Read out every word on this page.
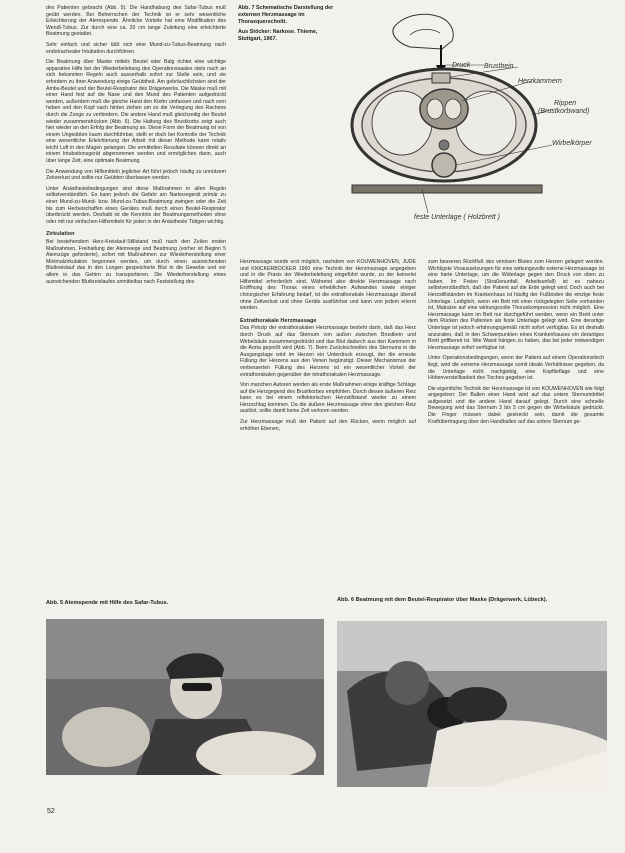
des Patienten gebracht (Abb. 5). Die Handhabung des Safar-Tubus muß geübt werden. Bei Beherrschen der Technik ist er sehr wesentliche Erleichterung der Atemspende. Ähnliche Vorteile hat eine Modifikation des Wendl-Tubus. Zur durch eine ca. 20 cm lange Zuleitung eine erleichterte Beatmung gestattet.

Sehr einfach und sicher läßt sich eine Mund-zu-Tubus-Beatmung nach endotrachealer Intubation durchführen.

Die Beatmung über Maske mittels Beutel oder Balg richtet eine wichtige apparative Hilfe bei der Wiederbelebung des Operationssaales stets nach an sich bekannten Regeln auch ausserhalb sofort zur Stelle sein, und sie erfordern zu ihrer Anwendung einige Geübtheit. Am gebräuchlichsten sind der Ambu-Beutel und der Beutel-Respirator des Drägerwerks. Die Maske muß mit einer Hand fest auf die Nase und den Mund des Patienten aufgedrückt werden, außerdem muß die gleiche Hand den Kiefer umfassen und nach vorn heben und den Kopf nach hinten ziehen um so die Verlegung des Rachens durch die Zunge zu verhindern. Die andere Hand muß gleichzeitig der Beutel wieder zusammendrücken (Abb. 6). Die Haltung des Brustkorbs zeigt auch hier wieder an den Erfolg der Beatmung an. Diese Form der Beatmung ist von einem Ungeübten kaum durchführbar, stellt er doch bei Kontrolle der Technik eine wesentliche Erleichterung der Arbeit mit dieser Methode kann relativ leicht Luft in den Magen gelangen. Die ermittelten Resultate können direkt an einem Intubationsgerät abgenommen werden und ermöglichen dann, auch über lange Zeit, eine optimale Beatmung.

Die Anwendung von Hilfsmitteln jeglicher Art führt jedoch häufig zu unnützem Zeitverlust und sollte nur Geübten überlassen werden.

Unter Anästhesiebedingungen sind diese Maßnahmen in allen Regeln selbstverständlich. Es kann jedoch die Gefahr am Narkosegerät primär zu einer Mund-zu-Mund- bzw. Mund-zu-Tubus-Beatmung zwingen oder die Zeit bis zum Herbeischaffen eines Gerätes muß durch einen Beutel-Respirator überbrückt werden. Deshalb ist die Kenntnis der Beatmungsmethoden ohne oder mit nur einfachen Hilfsmitteln für jeden in der Anästhesie Tätigen wichtig.

Zirkulation

Bei bestehendem Herz-Kreislauf-Stillstand muß nach den Zeilen ersten Maßnahmen, Freihaltung der Atemwege und Beatmung (vorher ist Beginn 5 Atemzüge geforderte), sofort mit Maßnahmen zur Wiederherstellung einer Minimalzirkulation begonnen werden, um durch einen ausreichenden Blutkreislauf das in den Lungen gespeicherte Blut in die Gewebe und vor allem in das Gehirn zu transportieren. Die Wiederherstellung eines ausreichenden Blutkreislaufes unmittelbar nach Feststellung des

Abb. 7 Schematische Darstellung der externen Herzmassage im Thoraxquerschnitt.
Aus Stöcker: Narkose. Thieme, Stuttgart, 1967.
Druck Brustbein
Herzkammern
Rippen (Brustkorbwand)
Wirbelkörper
feste Unterlage ( Holzbrett )

Herzmassage wurde erst möglich, nachdem von KOUWENHOVEN, JUDE und KNICKERBOCKER 1960 eine Technik der Herzmassage angegeben und in die Praxis der Wiederbelebung eingeführt wurde, zu der keinerlei Hilfsmittel erforderlich sind. Während also direkte Herzmassage nach Eröffnung des Thorax eines erheblichen Aufwandes sowie einiger chirurgischer Erfahrung bedarf, ist die extrathorakale Herzmassage überall ohne Zeitverlust und ohne Geräte ausführbar und kann von jedem erlernt werden.

Extrathorakale Herzmassage

Das Prinzip der extrathorakalen Herzmassage besteht darin, daß das Herz durch Druck auf das Sternum von außen zwischen Brustbein und Wirbelsäule zusammengedrückt und das Blut dadurch aus den Kammern in die Aorta gepreßt wird (Abb. 7). Beim Zurückschnellen des Sternums in die Ausgangslage wird im Herzen ein Unterdruck erzeugt, der die erneute Füllung der Herzens aus den Venen begünstigt. Dieser Mechanismus der verbesserten Füllung des Herzens ist ein wesentlicher Vorteil der extrathorakalen gegenüber der intrathorakalen Herzmassage.

Von manchen Autoren werden als erste Maßnahmen einige kräftige Schläge auf die Herzgegend des Brustkorbes empfohlen. Durch diesen äußeren Reiz kann es bei einem reflektorischen Herzstillstand wieder zu einem Herzschlag kommen. Da die äußere Herzmassage ohne den gleichen Reiz auslöst, sollte damit keine Zeit verloren werden.

Zur Herzmassage muß der Patient auf den Rücken, wenn möglich auf erhöhter Ebenen,

zum besseren Rückfluß des venösen Blutes zum Herzen gelagert werden. Wichtigste Voraussetzungen für eine wirkungsvolle externe Herzmassage ist eine harte Unterlage, um die Widerlage gegen den Druck von oben zu haben. Im Freien (Straßenunfall, Arbeitsunfall) ist es nahezu selbstverständlich, daß der Patient auf die Erde gelegt wird. Doch auch bei Herzstillständen im Krankenhaus ist häufig der Fußboden die einzige feste Unterlage. Lediglich, wenn ein Bett mit einer rückgelegten Seite vorhanden ist, Matratze auf eine wirkungsvolle Thoraxkompression nicht möglich. Eine Herzmassage kann im Bett nur durchgeführt werden, wenn ein Brett unter dem Rücken des Patienten als feste Unterlage gelegt wird. Eine derartige Unterlage ist jedoch erfahrungsgemäß nicht sofort verfügbar. Es ist deshalb anzuraten, daß in den Schwerpunkten eines Krankenhauses ein derartiges Brett griffbereit ist. Wie Wand hängen zu haben, das bei jeder notwendigen Herzmassage sofort verfügbar ist.

Unter Operationsbedingungen, wenn der Patient auf einem Operationstisch liegt, wird die extreme Herzmassage somit ideale Verhältnisse gegeben, da die Unterlage nicht nachgiebig, eine Kopftieflage und eine Höhenverstellbarkeit des Tisches gegeben ist.

Die eigentliche Technik der Herzmassage ist von KOUWENHOVEN wie folgt angegeben: Der Ballen einer Hand wird auf das untere Sternumdrittel aufgesetzt und die andere Hand darauf gelegt. Durch eine schnelle Bewegung wird das Sternum 3 bis 5 cm gegen die Wirbelsäule gedrückt. Die Finger müssen dabei gestreckt sein, damit die gesamte Kraftübertragung über den Handballen auf das untere Sternum ge-

Abb. 5 Atemspende mit Hilfe des Safar-Tubus.	Abb. 6 Beatmung mit dem Beutel-Respirator über Maske (Drägerwerk, Lübeck).
52
